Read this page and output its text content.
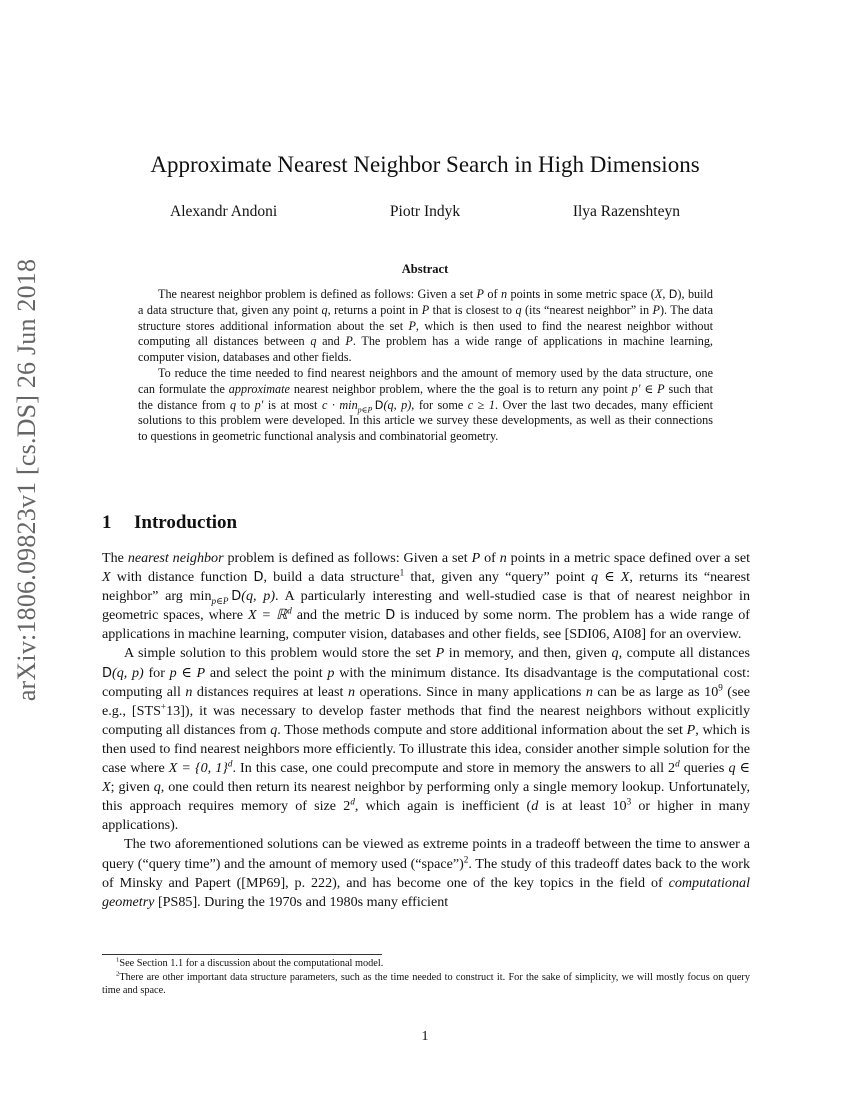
arXiv:1806.09823v1 [cs.DS] 26 Jun 2018
Approximate Nearest Neighbor Search in High Dimensions
Alexandr Andoni	Piotr Indyk	Ilya Razenshteyn
Abstract

The nearest neighbor problem is defined as follows: Given a set P of n points in some metric space (X, D), build a data structure that, given any point q, returns a point in P that is closest to q (its “nearest neighbor” in P). The data structure stores additional information about the set P, which is then used to find the nearest neighbor without computing all distances between q and P. The problem has a wide range of applications in machine learning, computer vision, databases and other fields.

To reduce the time needed to find nearest neighbors and the amount of memory used by the data structure, one can formulate the approximate nearest neighbor problem, where the the goal is to return any point p′ ∈ P such that the distance from q to p′ is at most $c \cdot \min_{p\in P} D(q$, p), for some c ≥ 1. Over the last two decades, many efficient solutions to this problem were developed. In this article we survey these developments, as well as their connections to questions in geometric functional analysis and combinatorial geometry.

1 Introduction

The nearest neighbor problem is defined as follows: Given a set P of n points in a metric space defined over a set X with distance function D, build a data structure$^1$ that, given any “query” point q ∈ X, returns its “nearest neighbor” arg $\min_{p\in P} D(q$, p). A particularly interesting and well-studied case is that of nearest neighbor in geometric spaces, where X = ℝ$^d$ and the metric D is induced by some norm. The problem has a wide range of applications in machine learning, computer vision, databases and other fields, see [SDI06, AI08] for an overview.

A simple solution to this problem would store the set P in memory, and then, given q, compute all distances D(q, p) for p ∈ P and select the point p with the minimum distance. Its disadvantage is the computational cost: computing all n distances requires at least n operations. Since in many applications n can be as large as $10^9$ (see e.g., [STS+13]), it was necessary to develop faster methods that find the nearest neighbors without explicitly computing all distances from q. Those methods compute and store additional information about the set P, which is then used to find nearest neighbors more efficiently. To illustrate this idea, consider another simple solution for the case where X = {0, 1}$^d$. In this case, one could precompute and store in memory the answers to all 2$^d$ queries q ∈ X; given q, one could then return its nearest neighbor by performing only a single memory lookup. Unfortunately, this approach requires memory of size 2$^d$, which again is inefficient (d is at least $10^3$ or higher in many applications).

The two aforementioned solutions can be viewed as extreme points in a tradeoff between the time to answer a query (“query time”) and the amount of memory used (“space”)$^2$. The study of this tradeoff dates back to the work of Minsky and Papert ([MP69], p. 222), and has become one of the key topics in the field of computational geometry [PS85]. During the 1970s and 1980s many efficient

$^1$See Section 1.1 for a discussion about the computational model.

$^2$There are other important data structure parameters, such as the time needed to construct it. For the sake of simplicity, we will mostly focus on query time and space.

1
